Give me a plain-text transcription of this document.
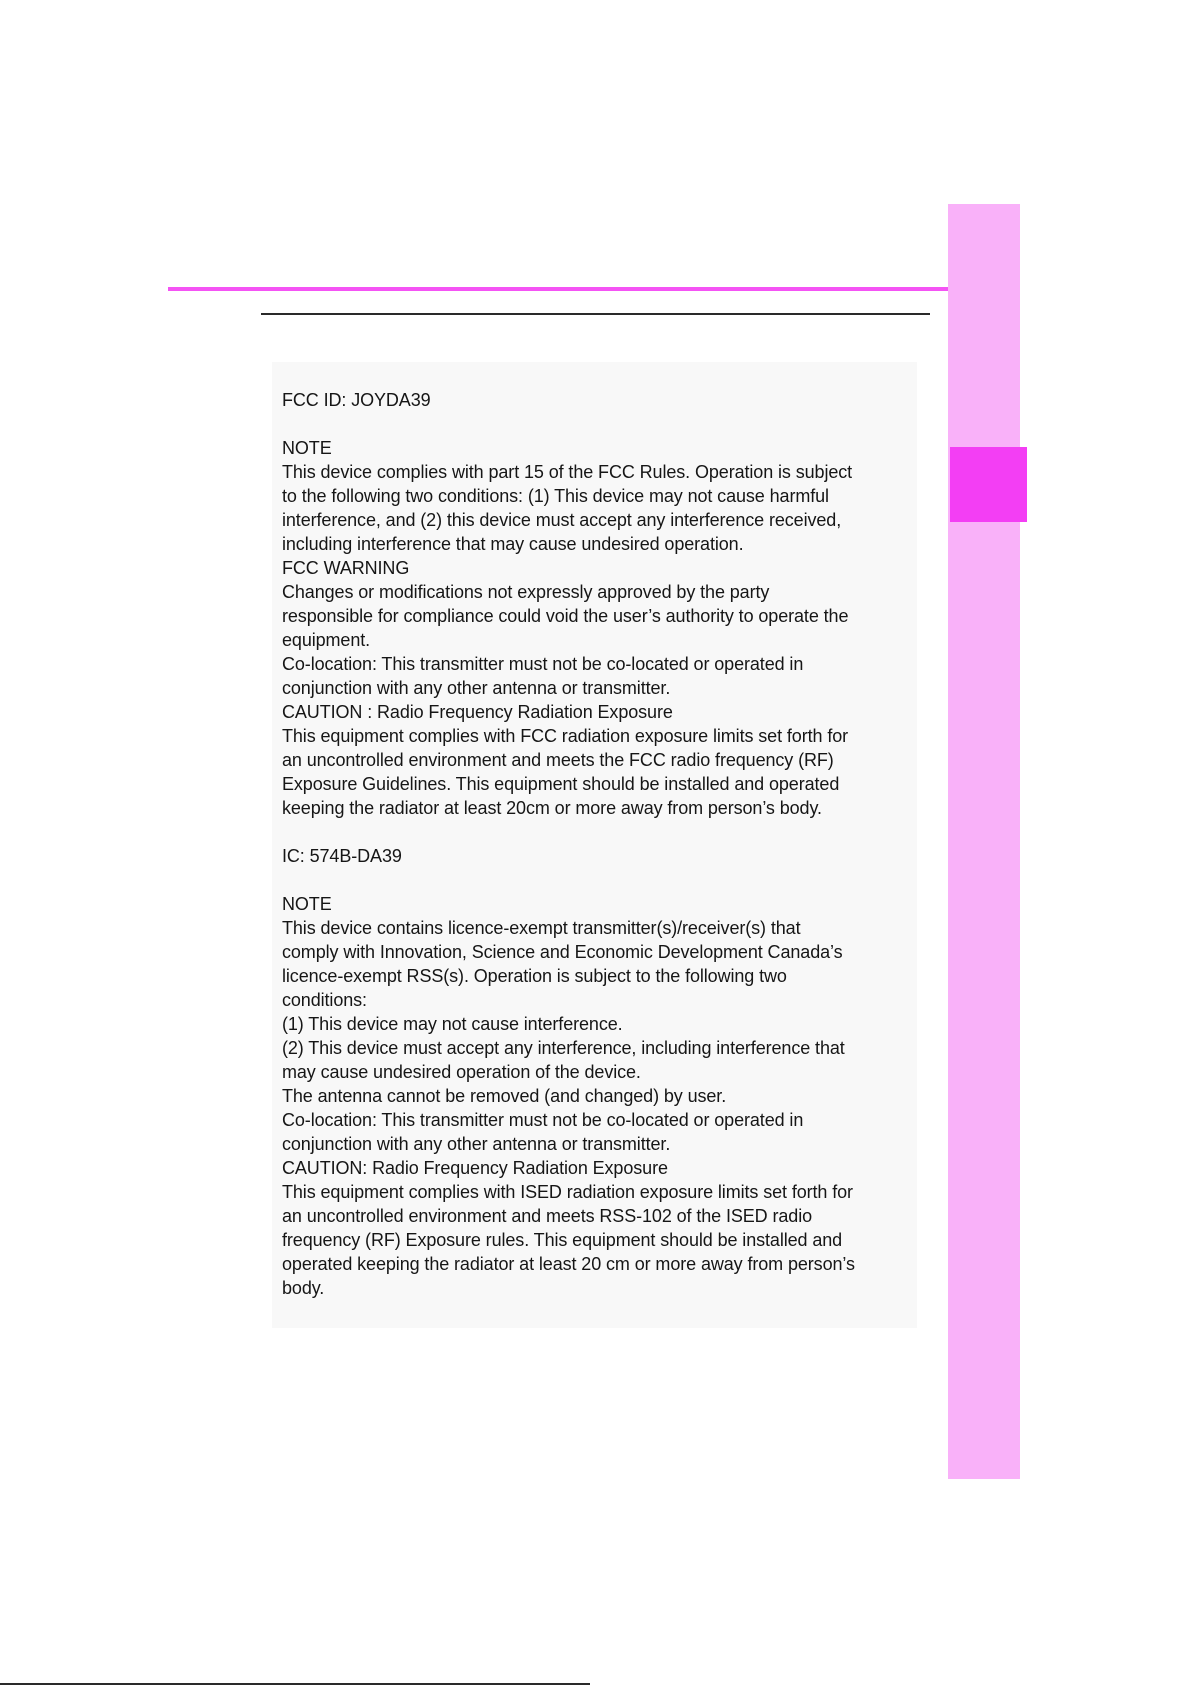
FCC ID: JOYDA39

NOTE

This device complies with part 15 of the FCC Rules. Operation is subject

to the following two conditions: (1) This device may not cause harmful

interference, and (2) this device must accept any interference received,

including interference that may cause undesired operation.

FCC WARNING

Changes or modifications not expressly approved by the party

responsible for compliance could void the user’s authority to operate the

equipment.

Co-location: This transmitter must not be co-located or operated in

conjunction with any other antenna or transmitter.

CAUTION : Radio Frequency Radiation Exposure

This equipment complies with FCC radiation exposure limits set forth for

an uncontrolled environment and meets the FCC radio frequency (RF)

Exposure Guidelines. This equipment should be installed and operated

keeping the radiator at least 20cm or more away from person’s body.

IC: 574B-DA39

NOTE

This device contains licence-exempt transmitter(s)/receiver(s) that

comply with Innovation, Science and Economic Development Canada’s

licence-exempt RSS(s). Operation is subject to the following two

conditions:

(1) This device may not cause interference.

(2) This device must accept any interference, including interference that

may cause undesired operation of the device.

The antenna cannot be removed (and changed) by user.

Co-location: This transmitter must not be co-located or operated in

conjunction with any other antenna or transmitter.

CAUTION: Radio Frequency Radiation Exposure

This equipment complies with ISED radiation exposure limits set forth for

an uncontrolled environment and meets RSS-102 of the ISED radio

frequency (RF) Exposure rules. This equipment should be installed and

operated keeping the radiator at least 20 cm or more away from person’s

body.
